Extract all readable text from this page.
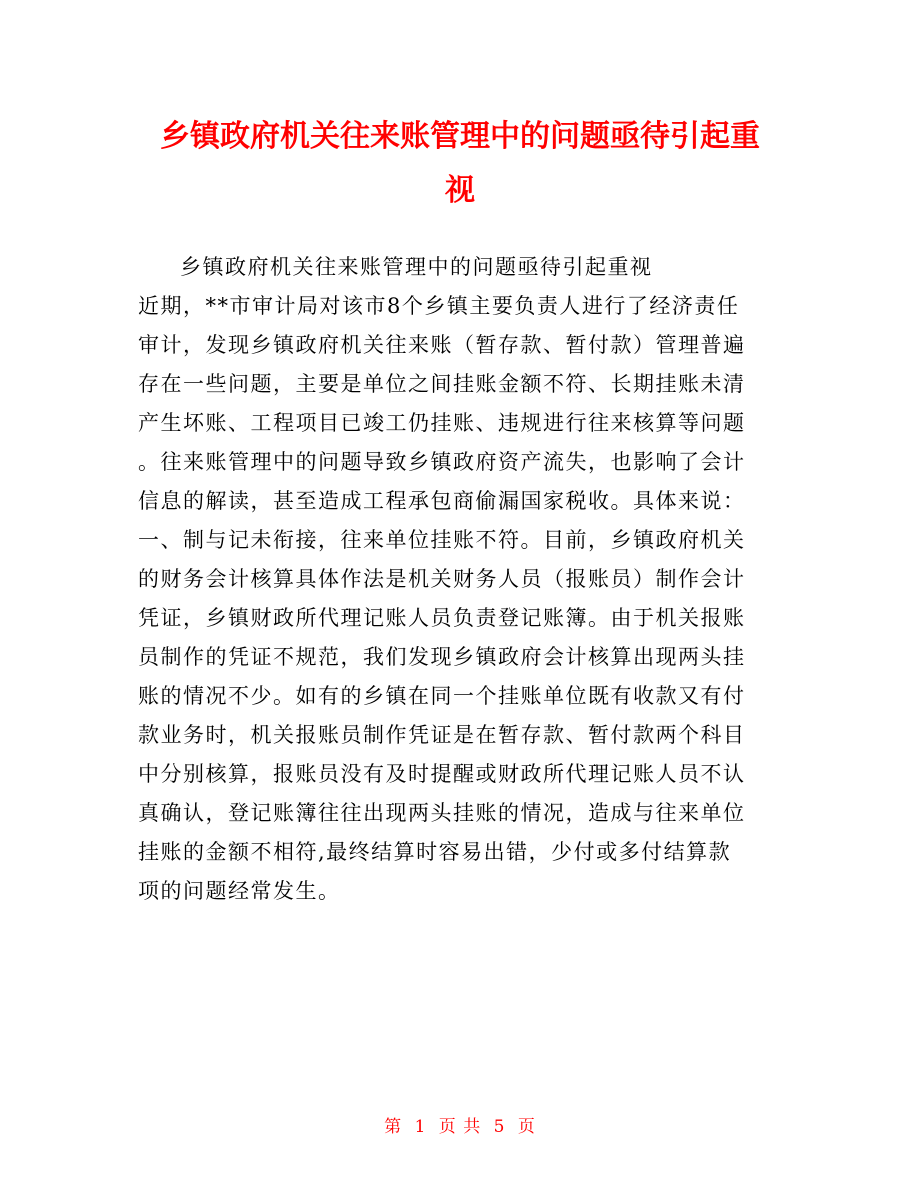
乡镇政府机关往来账管理中的问题亟待引起重
视

乡镇政府机关往来账管理中的问题亟待引起重视

近期，**市审计局对该市8个乡镇主要负责人进行了经济责任

审计，发现乡镇政府机关往来账（暂存款、暂付款）管理普遍

存在一些问题，主要是单位之间挂账金额不符、长期挂账未清

产生坏账、工程项目已竣工仍挂账、违规进行往来核算等问题

。往来账管理中的问题导致乡镇政府资产流失，也影响了会计

信息的解读，甚至造成工程承包商偷漏国家税收。具体来说：

一、制与记未衔接，往来单位挂账不符。目前，乡镇政府机关

的财务会计核算具体作法是机关财务人员（报账员）制作会计

凭证，乡镇财政所代理记账人员负责登记账簿。由于机关报账

员制作的凭证不规范，我们发现乡镇政府会计核算出现两头挂

账的情况不少。如有的乡镇在同一个挂账单位既有收款又有付

款业务时，机关报账员制作凭证是在暂存款、暂付款两个科目

中分别核算，报账员没有及时提醒或财政所代理记账人员不认

真确认，登记账簿往往出现两头挂账的情况，造成与往来单位

挂账的金额不相符,最终结算时容易出错，少付或多付结算款

项的问题经常发生。

第 1 页 共 5 页
